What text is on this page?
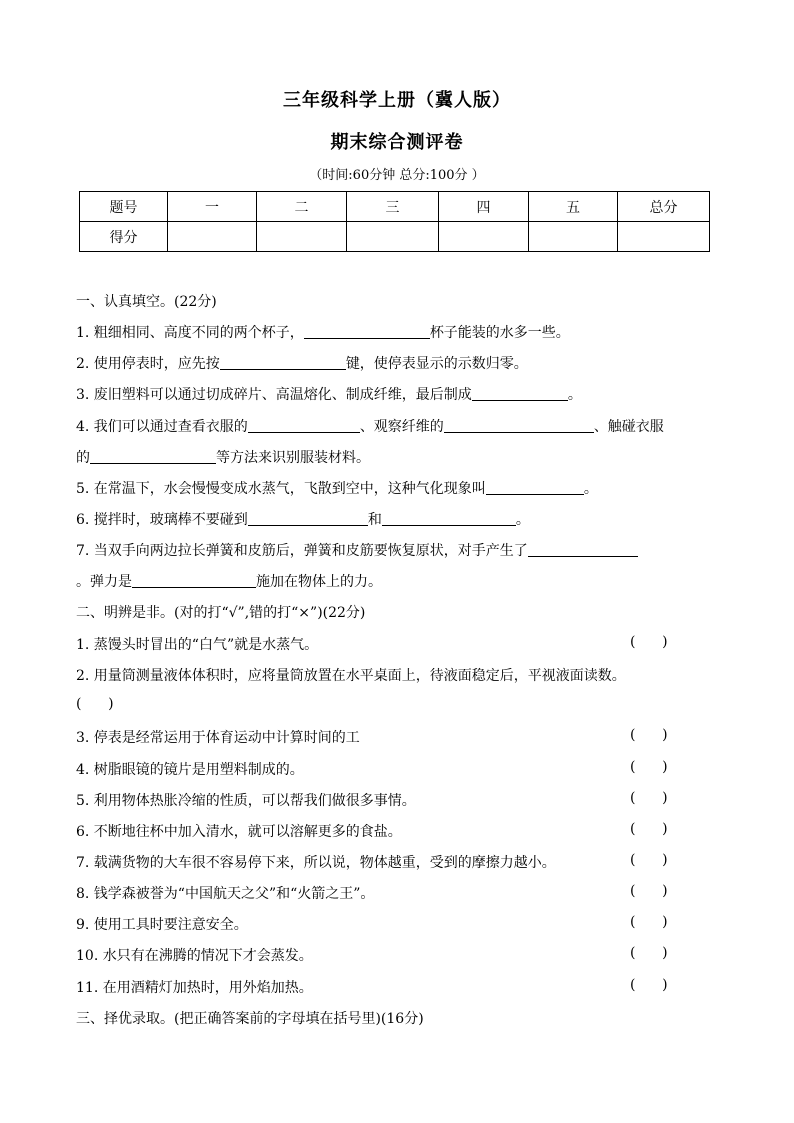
三年级科学上册（冀人版）
期末综合测评卷
（时间:60分钟 总分:100分 ）
题号	一	二	三	四	五	总分
得分						
一、认真填空。(22分)
1. 粗细相同、高度不同的两个杯子，	杯子能装的水多一些。
2. 使用停表时，应先按	键，使停表显示的示数归零。
3. 废旧塑料可以通过切成碎片、高温熔化、制成纤维，最后制成	。
4. 我们可以通过查看衣服的	、观察纤维的	、触碰衣服
的	等方法来识别服装材料。
5. 在常温下，水会慢慢变成水蒸气，飞散到空中，这种气化现象叫	。
6. 搅拌时，玻璃棒不要碰到	和	。
7. 当双手向两边拉长弹簧和皮筋后，弹簧和皮筋要恢复原状，对手产生了
。弹力是	施加在物体上的力。
二、明辨是非。(对的打“√”,错的打“×”)(22分)
1. 蒸馒头时冒出的“白气”就是水蒸气。	(      )
2. 用量筒测量液体体积时，应将量筒放置在水平桌面上，待液面稳定后，平视液面读数。
(      )
3. 停表是经常运用于体育运动中计算时间的工	(      )
4. 树脂眼镜的镜片是用塑料制成的。	(      )
5. 利用物体热胀冷缩的性质，可以帮我们做很多事情。	(      )
6. 不断地往杯中加入清水，就可以溶解更多的食盐。	(      )
7. 载满货物的大车很不容易停下来，所以说，物体越重，受到的摩擦力越小。	(      )
8. 钱学森被誉为“中国航天之父”和“火箭之王”。	(      )
9. 使用工具时要注意安全。	(      )
10. 水只有在沸腾的情况下才会蒸发。	(      )
11. 在用酒精灯加热时，用外焰加热。	(      )
三、择优录取。(把正确答案前的字母填在括号里)(16分)
